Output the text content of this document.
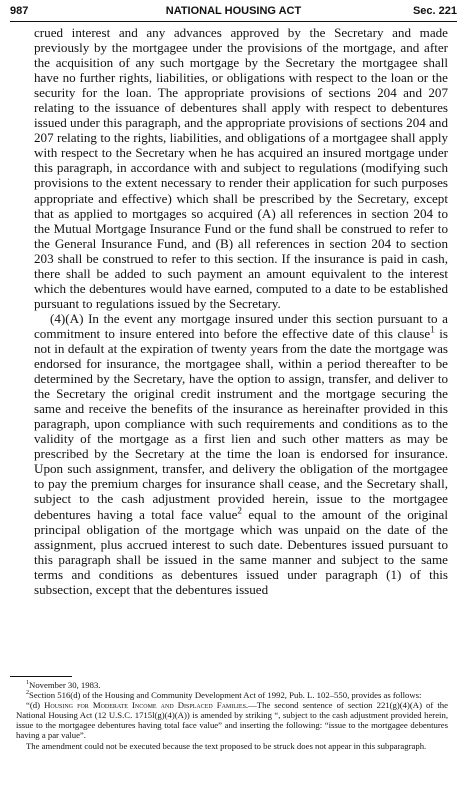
987	NATIONAL HOUSING ACT	Sec. 221

crued interest and any advances approved by the Secretary and made previously by the mortgagee under the provisions of the mortgage, and after the acquisition of any such mortgage by the Secretary the mortgagee shall have no further rights, liabilities, or obligations with respect to the loan or the security for the loan. The appropriate provisions of sections 204 and 207 relating to the issuance of debentures shall apply with respect to debentures issued under this paragraph, and the appropriate provisions of sections 204 and 207 relating to the rights, liabilities, and obligations of a mortgagee shall apply with respect to the Secretary when he has acquired an insured mortgage under this paragraph, in accordance with and subject to regulations (modifying such provisions to the extent necessary to render their application for such purposes appropriate and effective) which shall be prescribed by the Secretary, except that as applied to mortgages so acquired (A) all references in section 204 to the Mutual Mortgage Insurance Fund or the fund shall be construed to refer to the General Insurance Fund, and (B) all references in section 204 to section 203 shall be construed to refer to this section. If the insurance is paid in cash, there shall be added to such payment an amount equivalent to the interest which the debentures would have earned, computed to a date to be established pursuant to regulations issued by the Secretary.

(4)(A) In the event any mortgage insured under this section pursuant to a commitment to insure entered into before the effective date of this clause$^1$ is not in default at the expiration of twenty years from the date the mortgage was endorsed for insurance, the mortgagee shall, within a period thereafter to be determined by the Secretary, have the option to assign, transfer, and deliver to the Secretary the original credit instrument and the mortgage securing the same and receive the benefits of the insurance as hereinafter provided in this paragraph, upon compliance with such requirements and conditions as to the validity of the mortgage as a first lien and such other matters as may be prescribed by the Secretary at the time the loan is endorsed for insurance. Upon such assignment, transfer, and delivery the obligation of the mortgagee to pay the premium charges for insurance shall cease, and the Secretary shall, subject to the cash adjustment provided herein, issue to the mortgagee debentures having a total face value$^2$ equal to the amount of the original principal obligation of the mortgage which was unpaid on the date of the assignment, plus accrued interest to such date. Debentures issued pursuant to this paragraph shall be issued in the same manner and subject to the same terms and conditions as debentures issued under paragraph (1) of this subsection, except that the debentures issued

$^1$November 30, 1983.

$^2$Section 516(d) of the Housing and Community Development Act of 1992, Pub. L. 102–550, provides as follows:

“(d) Housing for Moderate Income and Displaced Families.—The second sentence of section 221(g)(4)(A) of the National Housing Act (12 U.S.C. 1715l(g)(4)(A)) is amended by striking “, subject to the cash adjustment provided herein, issue to the mortgagee debentures having total face value” and inserting the following: “issue to the mortgagee debentures having a par value”.

The amendment could not be executed because the text proposed to be struck does not appear in this subparagraph.
